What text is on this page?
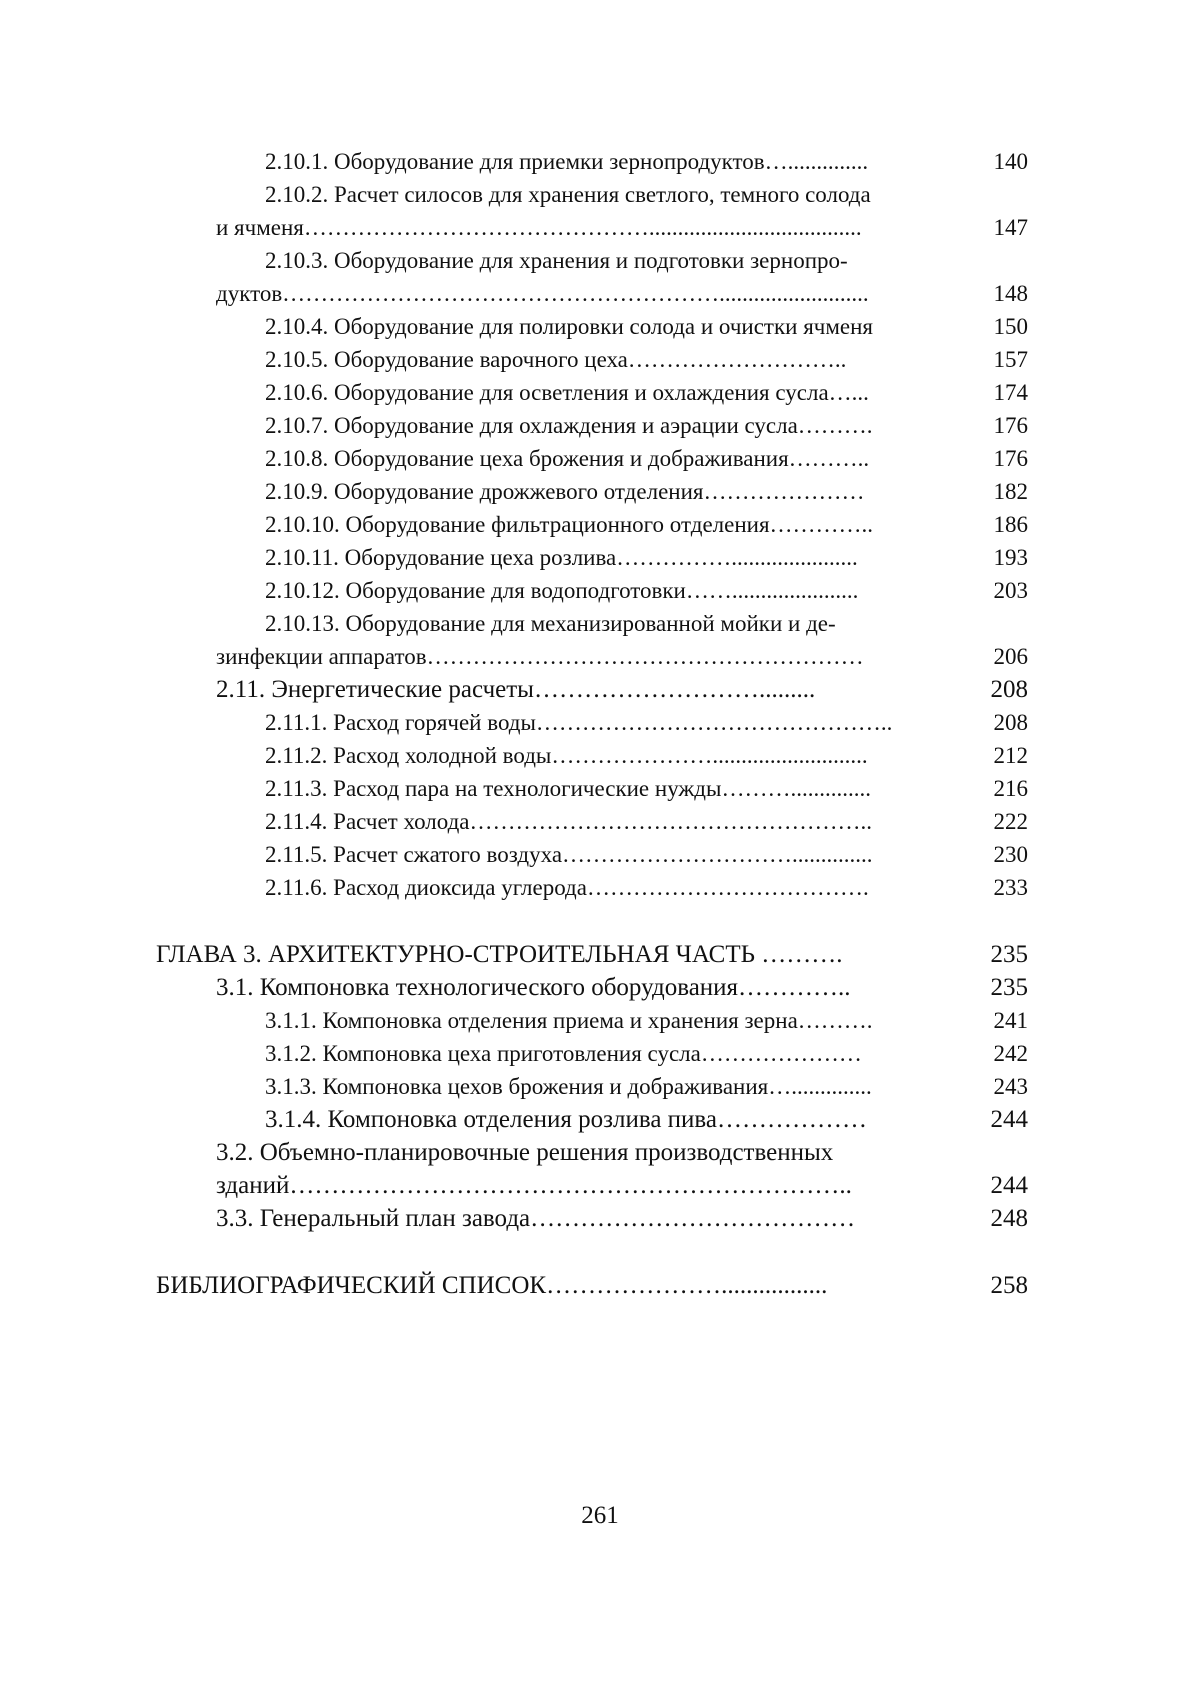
2.10.1. Оборудование для приемки зернопродуктов…..............	140
2.10.2. Расчет силосов для хранения светлого, темного солода
и ячменя……………………………………….....................................	147
2.10.3. Оборудование для хранения и подготовки зернопро-
дуктов…………………………………………………..........................	148
2.10.4. Оборудование для полировки солода и очистки ячменя	150
2.10.5. Оборудование варочного цеха………………………..	157
2.10.6. Оборудование для осветления и охлаждения сусла…...	174
2.10.7. Оборудование для охлаждения и аэрации сусла……….	176
2.10.8. Оборудование цеха брожения и дображивания………..	176
2.10.9. Оборудование дрожжевого отделения…………………	182
2.10.10. Оборудование фильтрационного отделения…………..	186
2.10.11. Оборудование цеха розлива……………......................	193
2.10.12. Оборудование для водоподготовки……......................	203
2.10.13. Оборудование для механизированной мойки и де-
зинфекции аппаратов…………………………………………………	206
2.11. Энергетические расчеты……………………….........	208
2.11.1. Расход горячей воды………………………………………..	208
2.11.2. Расход холодной воды…………………...........................	212
2.11.3. Расход пара на технологические нужды………..............	216
2.11.4. Расчет холода……………………………………………..	222
2.11.5. Расчет сжатого воздуха…………………………..............	230
2.11.6. Расход диоксида углерода……………………………….	233
ГЛАВА 3. АРХИТЕКТУРНО-СТРОИТЕЛЬНАЯ ЧАСТЬ ……….	235
3.1. Компоновка технологического оборудования…………..	235
3.1.1. Компоновка отделения приема и хранения зерна……….	241
3.1.2. Компоновка цеха приготовления сусла…………………	242
3.1.3. Компоновка цехов брожения и дображивания…..............	243
3.1.4. Компоновка отделения розлива пива………………	244
3.2. Объемно-планировочные решения производственных
зданий…………………………………………………………..	244
3.3. Генеральный план завода…………………………………	248
БИБЛИОГРАФИЧЕСКИЙ СПИСОК………………….................	258
261
